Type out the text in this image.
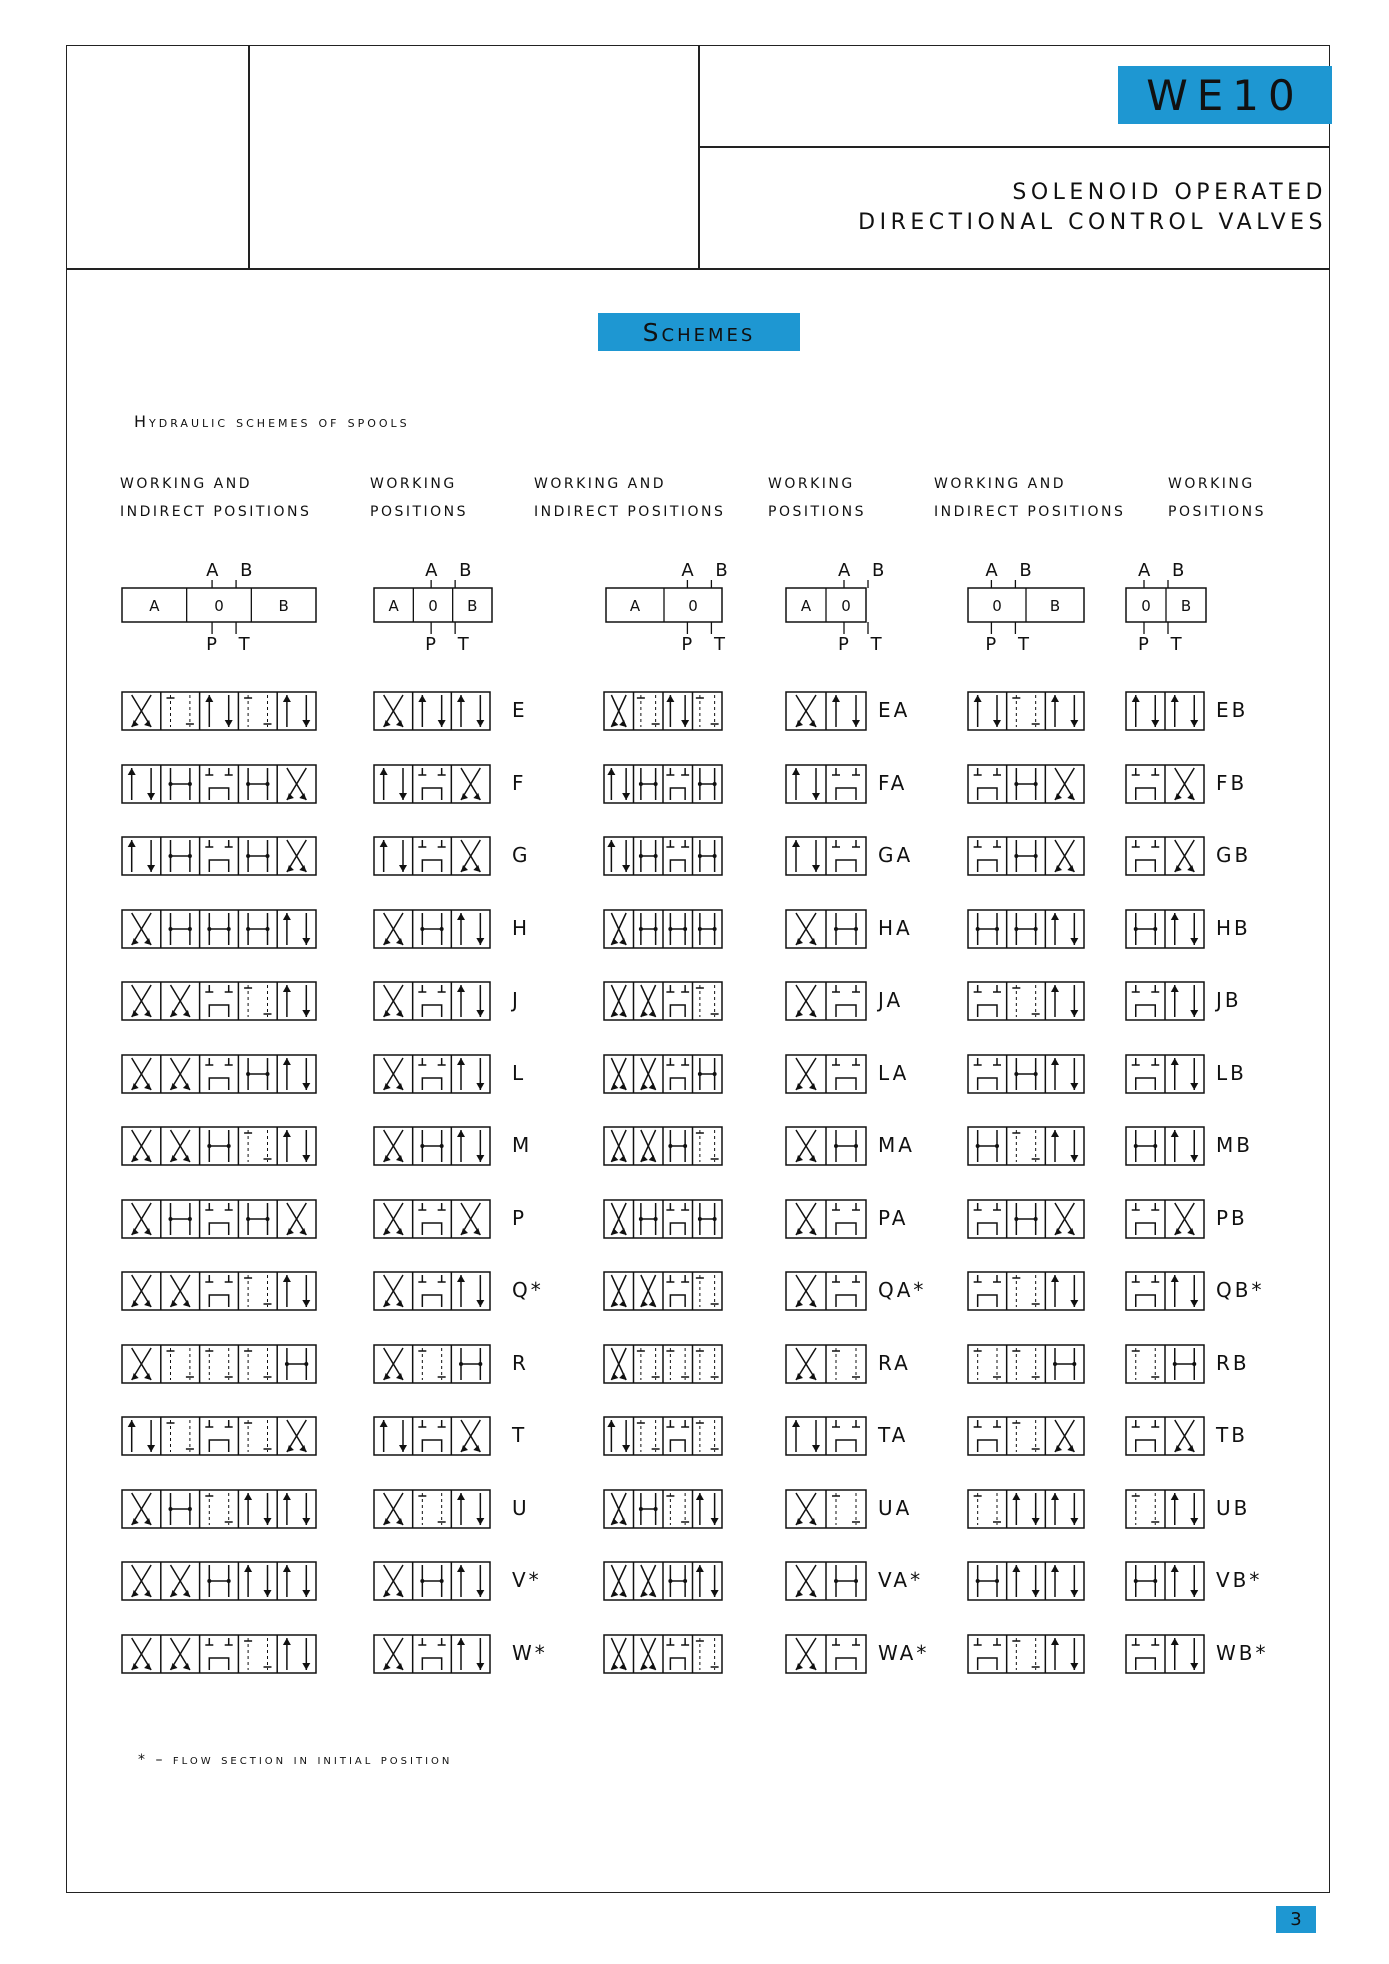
WE10
SOLENOID OPERATED
DIRECTIONAL CONTROL VALVES
Schemes
Hydraulic schemes of spools
WORKING AND
INDIRECT POSITIONS
WORKING
POSITIONS
WORKING AND
INDIRECT POSITIONS
WORKING
POSITIONS
WORKING AND
INDIRECT POSITIONS
WORKING
POSITIONS
* – flow section in initial position
3
A	0	B
A B
P T
A 0 B
A B
P T
A	0
A B
P T
A 0
A B
P T
0	B
A B
P T
0 B
A B
P T
E	EA	EB
F	FA	FB
G	GA	GB
H	HA	HB
J	JA	JB
L	LA	LB
M	MA	MB
P	PA	PB
Q*	QA*	QB*
R	RA	RB
T	TA	TB
U	UA	UB
V*	VA*	VB*
W*	WA*	WB*
